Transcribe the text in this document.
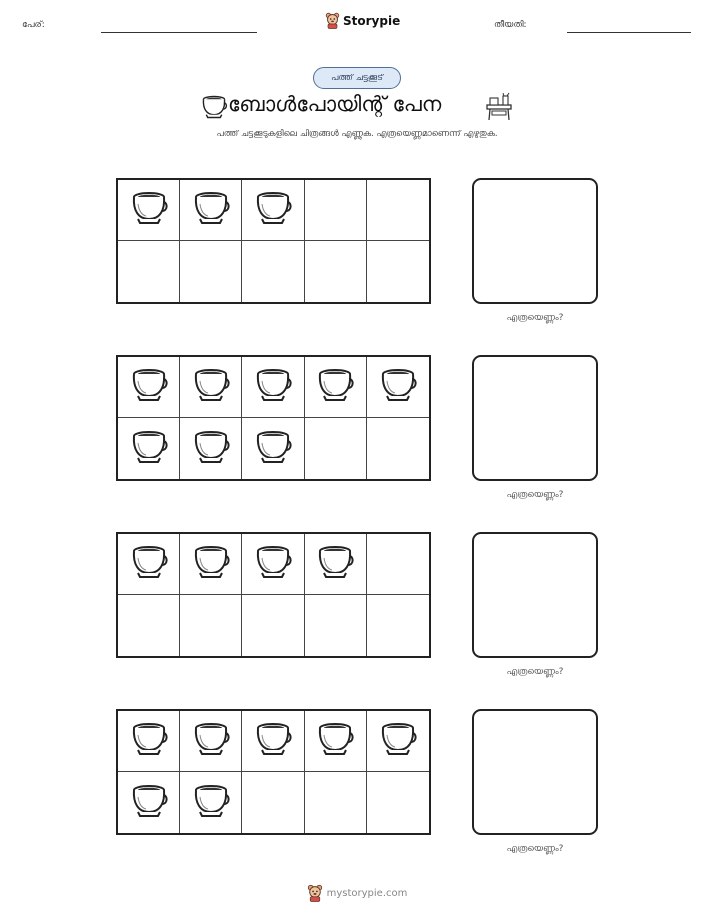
പേര്:	Storypie	തീയതി:
പത്ത് ചട്ടക്കൂട്
ബോൾപോയിന്റ് പേന
പത്ത് ചട്ടക്കൂടുകളിലെ ചിത്രങ്ങൾ എണ്ണുക. എത്രയെണ്ണമാണെന്ന് എഴുതുക.
എത്രയെണ്ണം?
എത്രയെണ്ണം?
എത്രയെണ്ണം?
എത്രയെണ്ണം?
mystorypie.com
